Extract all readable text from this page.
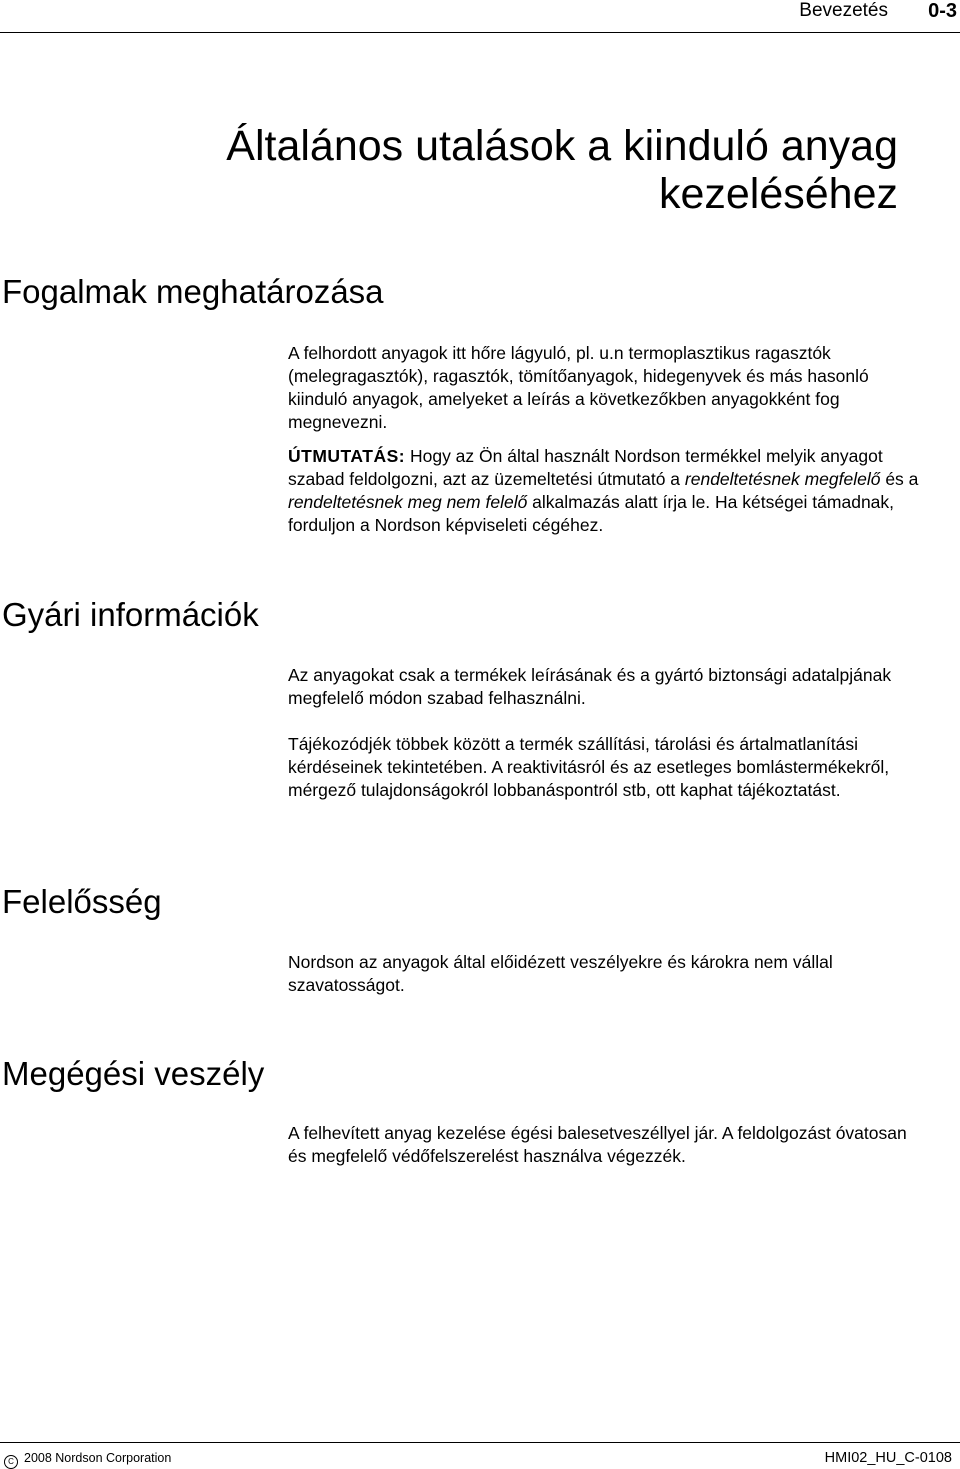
Bevezetés 0-3
Általános utalások a kiinduló anyag
kezeléséhez
Fogalmak meghatározása

A felhordott anyagok itt hőre lágyuló, pl. u.n termoplasztikus ragasztók (melegragasztók), ragasztók, tömítőanyagok, hidegenyvek és más hasonló kiinduló anyagok, amelyeket a leírás a következőkben anyagokként fog megnevezni.

ÚTMUTATÁS: Hogy az Ön által használt Nordson termékkel melyik anyagot szabad feldolgozni, azt az üzemeltetési útmutató a rendeltetésnek megfelelő és a rendeltetésnek meg nem felelő alkalmazás alatt írja le. Ha kétségei támadnak, forduljon a Nordson képviseleti cégéhez.

Gyári információk

Az anyagokat csak a termékek leírásának és a gyártó biztonsági adatalpjának megfelelő módon szabad felhasználni.

Tájékozódjék többek között a termék szállítási, tárolási és ártalmatlanítási kérdéseinek tekintetében. A reaktivitásról és az esetleges bomlástermékekről, mérgező tulajdonságokról lobbanáspontról stb, ott kaphat tájékoztatást.

Felelősség

Nordson az anyagok által előidézett veszélyekre és károkra nem vállal szavatosságot.

Megégési veszély

A felhevített anyag kezelése égési balesetveszéllyel jár. A feldolgozást óvatosan és megfelelő védőfelszerelést használva végezzék.

C 2008 Nordson Corporation	HMI02_HU_C-0108
